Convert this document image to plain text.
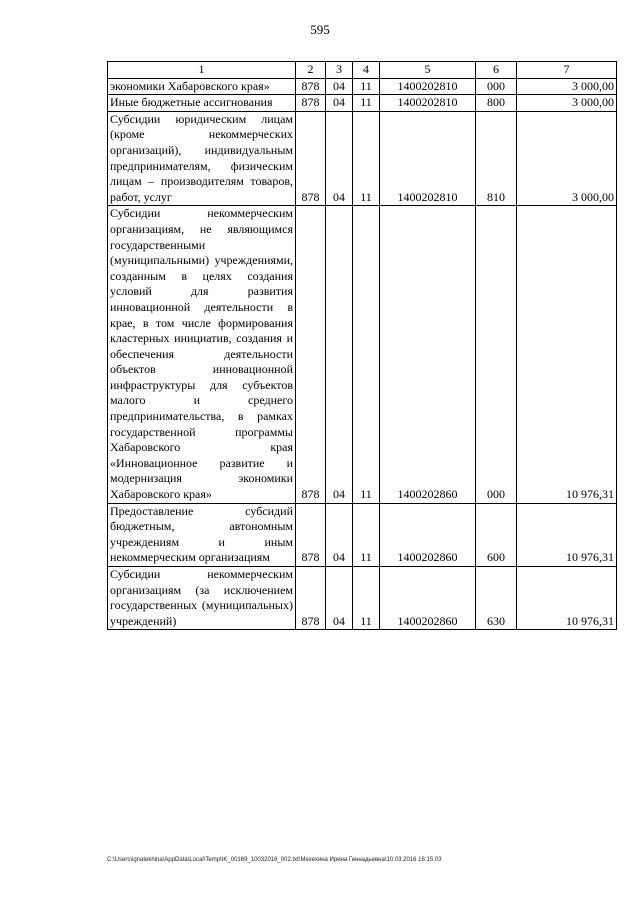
595
1	2	3	4	5	6	7
экономики Хабаровского края»	878	04	11	1400202810	000	3 000,00
Иные бюджетные ассигнования	878	04	11	1400202810	800	3 000,00
Субсидии юридическим лицам (кроме некоммерческих организаций), индивидуальным предпринимателям, физическим лицам – производителям товаров, работ, услуг	878	04	11	1400202810	810	3 000,00
Субсидии некоммерческим организациям, не являющимся государственными (муниципальными) учреждениями, созданным в целях создания условий для развития инновационной деятельности в крае, в том числе формирования кластерных инициатив, создания и обеспечения деятельности объектов инновационной инфраструктуры для субъектов малого и среднего предпринимательства, в рамках государственной программы Хабаровского края «Инновационное развитие и модернизация экономики Хабаровского края»	878	04	11	1400202860	000	10 976,31
Предоставление субсидий бюджетным, автономным учреждениям и иным некоммерческим организациям	878	04	11	1400202860	600	10 976,31
Субсидии некоммерческим организациям (за исключением государственных (муниципальных) учреждений)	878	04	11	1400202860	630	10 976,31
C:\Users\ignatekhina\AppData\Local\Temp\IK_00169_10032016_002.txt\Мехехина Ирина Геннадьевна\10.03.2016 16:15:03
